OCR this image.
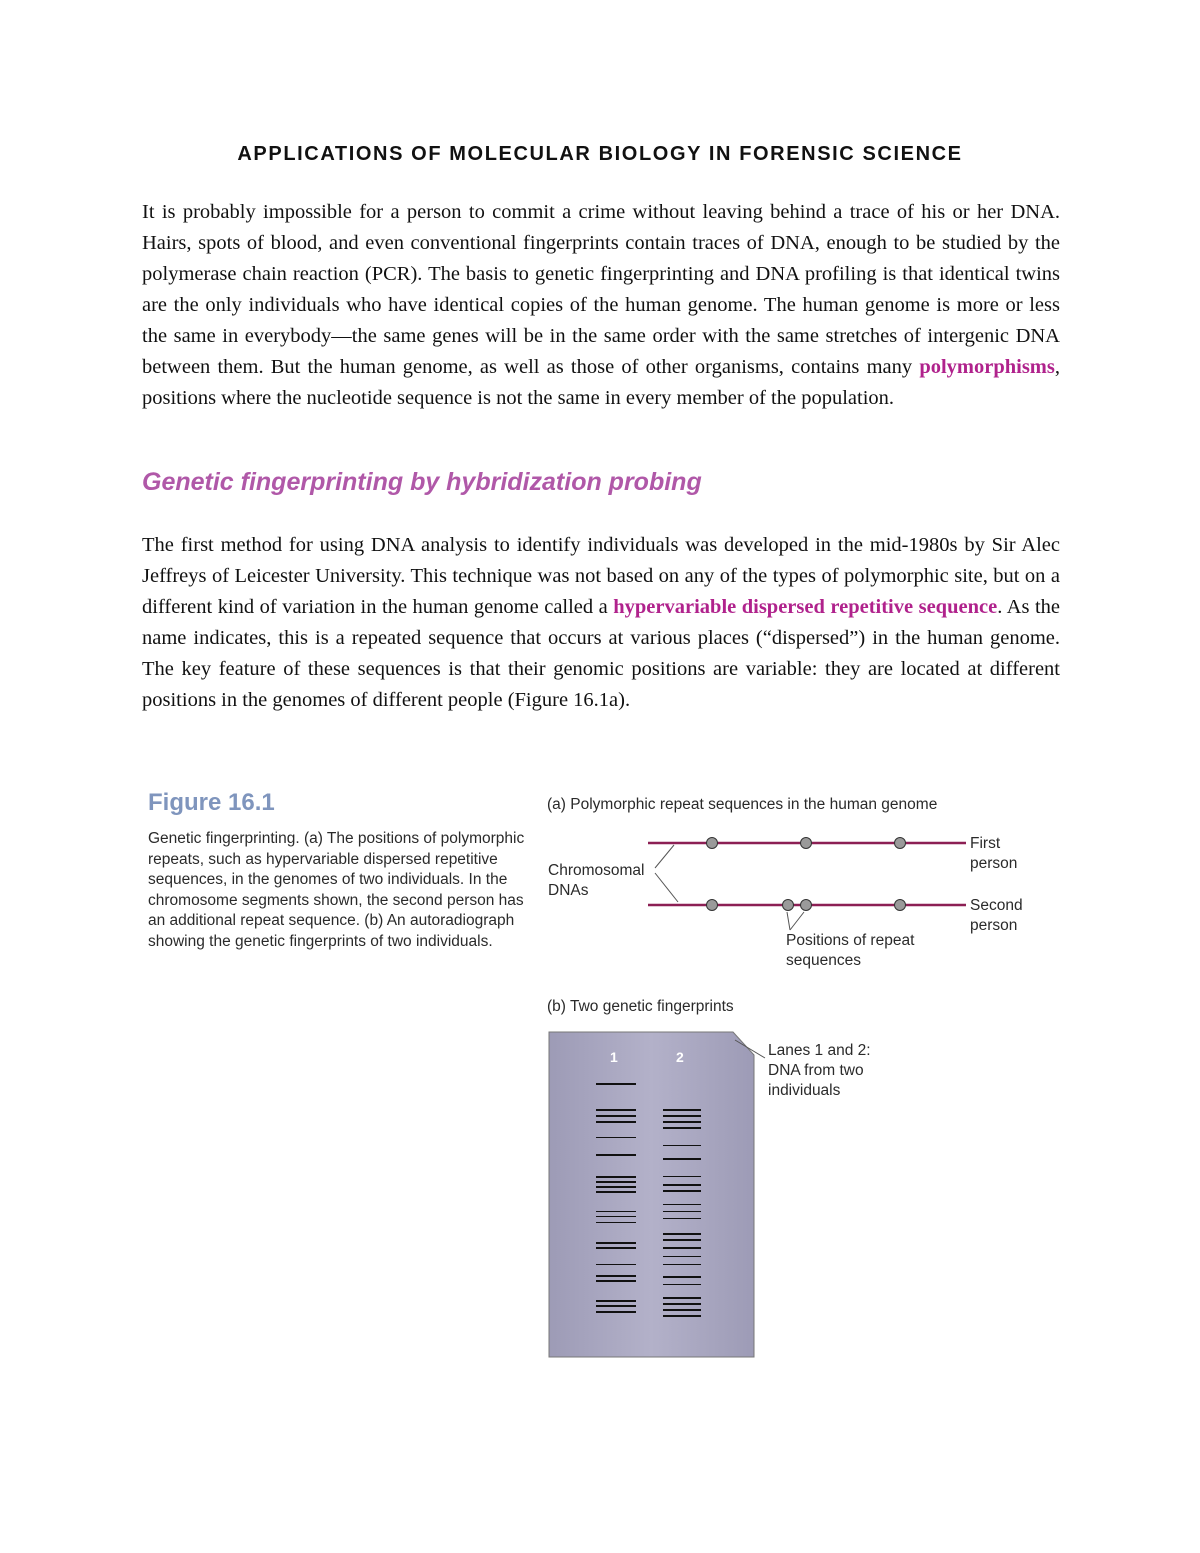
APPLICATIONS OF MOLECULAR BIOLOGY IN FORENSIC SCIENCE

It is probably impossible for a person to commit a crime without leaving behind a trace of his or her DNA. Hairs, spots of blood, and even conventional fingerprints contain traces of DNA, enough to be studied by the polymerase chain reaction (PCR). The basis to genetic fingerprinting and DNA profiling is that identical twins are the only individuals who have identical copies of the human genome. The human genome is more or less the same in everybody—the same genes will be in the same order with the same stretches of intergenic DNA between them. But the human genome, as well as those of other organisms, contains many polymorphisms, positions where the nucleotide sequence is not the same in every member of the population.

Genetic fingerprinting by hybridization probing

The first method for using DNA analysis to identify individuals was developed in the mid-1980s by Sir Alec Jeffreys of Leicester University. This technique was not based on any of the types of polymorphic site, but on a different kind of variation in the human genome called a hypervariable dispersed repetitive sequence. As the name indicates, this is a repeated sequence that occurs at various places (“dispersed”) in the human genome. The key feature of these sequences is that their genomic positions are variable: they are located at different positions in the genomes of different people (Figure 16.1a).

Figure 16.1
Genetic fingerprinting. (a) The positions of polymorphic repeats, such as hypervariable dispersed repetitive sequences, in the genomes of two individuals. In the chromosome segments shown, the second person has an additional repeat sequence. (b) An autoradiograph showing the genetic fingerprints of two individuals.
1	2
(a) Polymorphic repeat sequences in the human genome
Chromosomal DNAs
First person
Second person
Positions of repeat sequences
(b) Two genetic fingerprints
Lanes 1 and 2: DNA from two individuals
